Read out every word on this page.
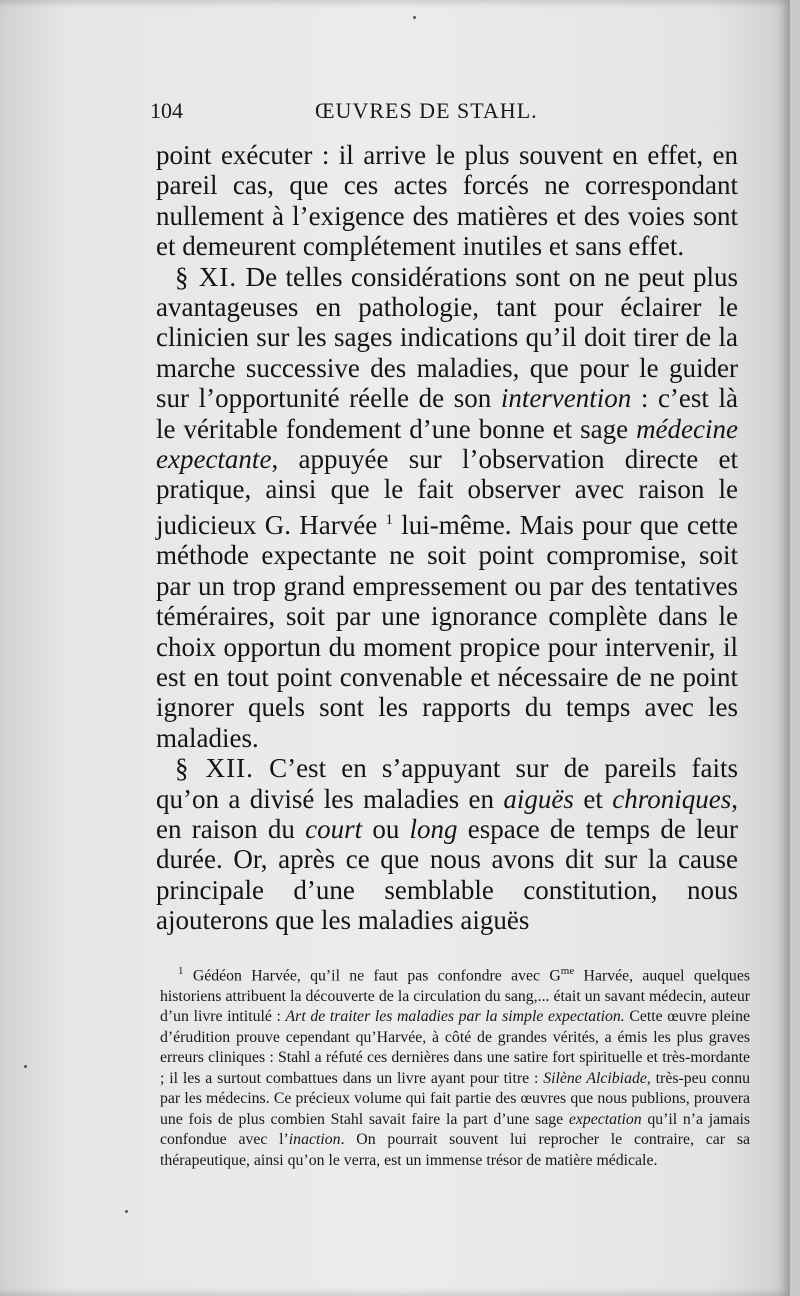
104	ŒUVRES DE STAHL.

point exécuter : il arrive le plus souvent en effet, en pareil cas, que ces actes forcés ne correspondant nullement à l’exigence des matières et des voies sont et demeurent complétement inutiles et sans effet.

§ XI. De telles considérations sont on ne peut plus avantageuses en pathologie, tant pour éclairer le clinicien sur les sages indications qu’il doit tirer de la marche successive des maladies, que pour le guider sur l’opportunité réelle de son intervention : c’est là le véritable fondement d’une bonne et sage médecine expectante, appuyée sur l’observation directe et pratique, ainsi que le fait observer avec raison le judicieux G. Harvée $^1$ lui-même. Mais pour que cette méthode expectante ne soit point compromise, soit par un trop grand empressement ou par des tentatives téméraires, soit par une ignorance complète dans le choix opportun du moment propice pour intervenir, il est en tout point convenable et nécessaire de ne point ignorer quels sont les rapports du temps avec les maladies.

§ XII. C’est en s’appuyant sur de pareils faits qu’on a divisé les maladies en aiguës et chroniques, en raison du court ou long espace de temps de leur durée. Or, après ce que nous avons dit sur la cause principale d’une semblable constitution, nous ajouterons que les maladies aiguës

$^1$ Gédéon Harvée, qu’il ne faut pas confondre avec $G^{me}$ Harvée, auquel quelques historiens attribuent la découverte de la circulation du sang,... était un savant médecin, auteur d’un livre intitulé : Art de traiter les maladies par la simple expectation. Cette œuvre pleine d’érudition prouve cependant qu’Harvée, à côté de grandes vérités, a émis les plus graves erreurs cliniques : Stahl a réfuté ces dernières dans une satire fort spirituelle et très-mordante ; il les a surtout combattues dans un livre ayant pour titre : Silène Alcibiade, très-peu connu par les médecins. Ce précieux volume qui fait partie des œuvres que nous publions, prouvera une fois de plus combien Stahl savait faire la part d’une sage expectation qu’il n’a jamais confondue avec l’inaction. On pourrait souvent lui reprocher le contraire, car sa thérapeutique, ainsi qu’on le verra, est un immense trésor de matière médicale.
